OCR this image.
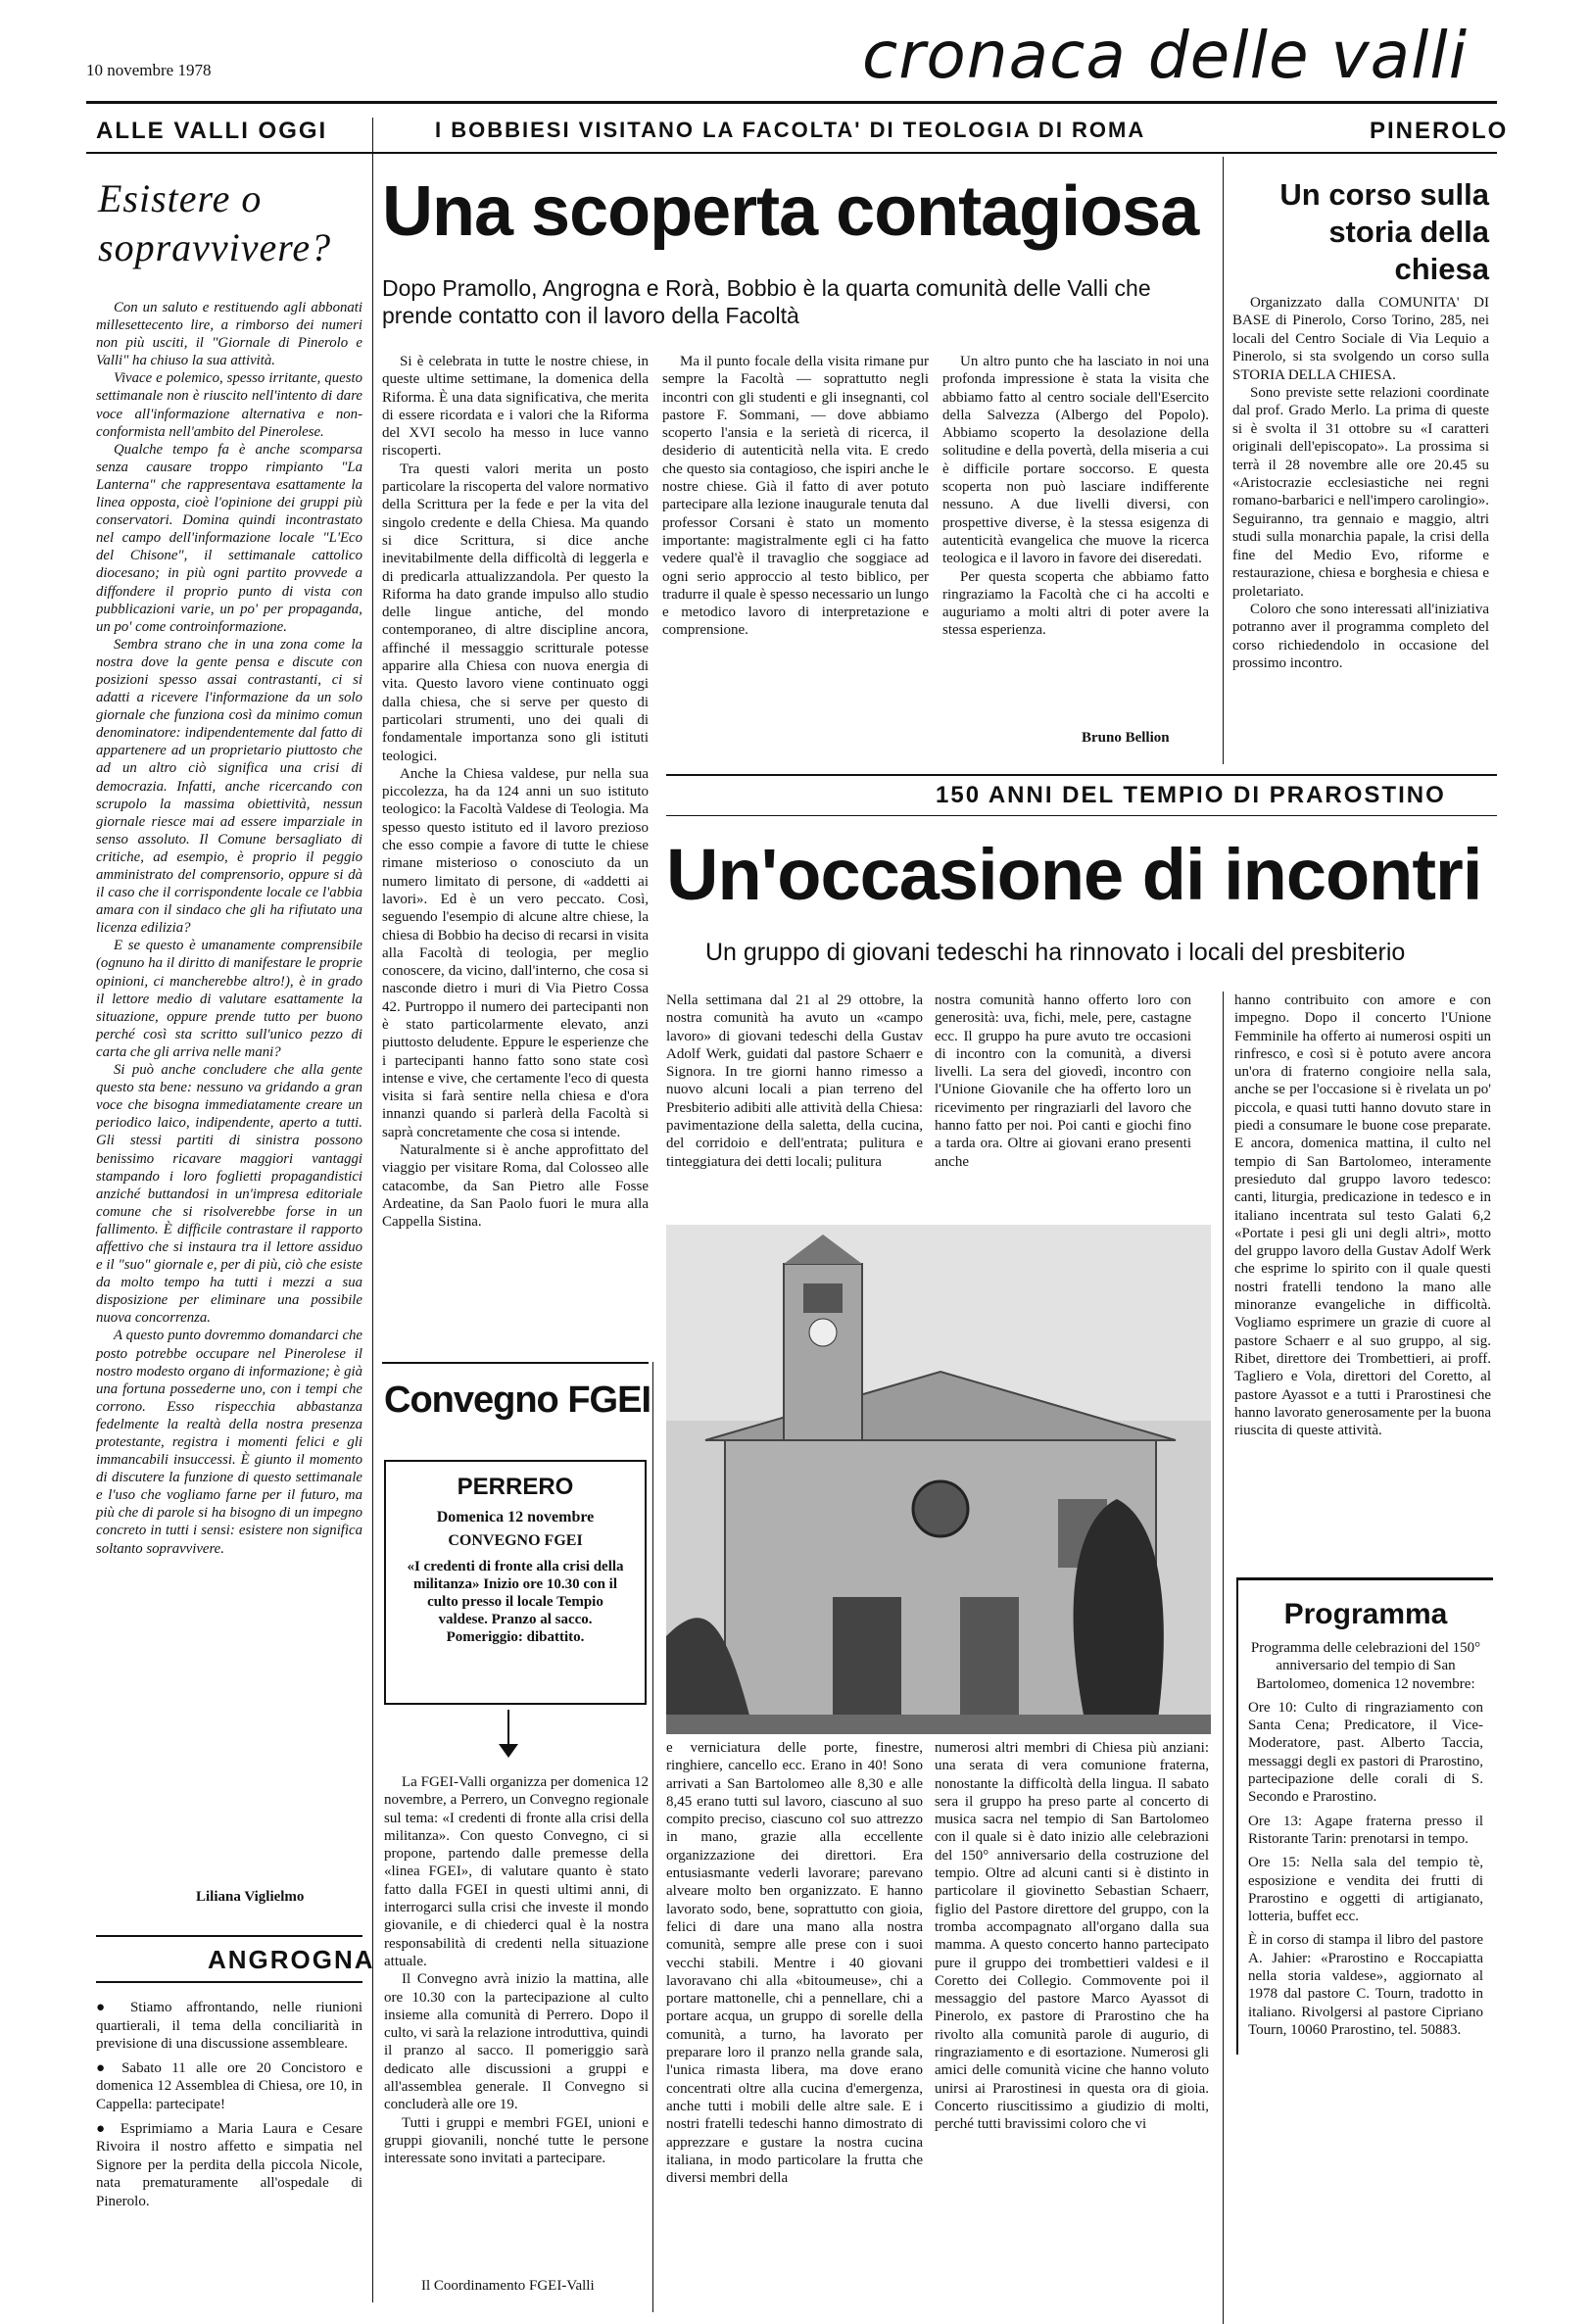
10 novembre 1978	cronaca delle valli
ALLE VALLI OGGI	I BOBBIESI VISITANO LA FACOLTA' DI TEOLOGIA DI ROMA	PINEROLO
Esistere o sopravvivere?

Con un saluto e restituendo agli abbonati millesettecento lire, a rimborso dei numeri non più usciti, il "Giornale di Pinerolo e Valli" ha chiuso la sua attività.

Vivace e polemico, spesso irritante, questo settimanale non è riuscito nell'intento di dare voce all'informazione alternativa e non-conformista nell'ambito del Pinerolese.

Qualche tempo fa è anche scomparsa senza causare troppo rimpianto "La Lanterna" che rappresentava esattamente la linea opposta, cioè l'opinione dei gruppi più conservatori. Domina quindi incontrastato nel campo dell'informazione locale "L'Eco del Chisone", il settimanale cattolico diocesano; in più ogni partito provvede a diffondere il proprio punto di vista con pubblicazioni varie, un po' per propaganda, un po' come controinformazione.

Sembra strano che in una zona come la nostra dove la gente pensa e discute con posizioni spesso assai contrastanti, ci si adatti a ricevere l'informazione da un solo giornale che funziona così da minimo comun denominatore: indipendentemente dal fatto di appartenere ad un proprietario piuttosto che ad un altro ciò significa una crisi di democrazia. Infatti, anche ricercando con scrupolo la massima obiettività, nessun giornale riesce mai ad essere imparziale in senso assoluto. Il Comune bersagliato di critiche, ad esempio, è proprio il peggio amministrato del comprensorio, oppure si dà il caso che il corrispondente locale ce l'abbia amara con il sindaco che gli ha rifiutato una licenza edilizia?

E se questo è umanamente comprensibile (ognuno ha il diritto di manifestare le proprie opinioni, ci mancherebbe altro!), è in grado il lettore medio di valutare esattamente la situazione, oppure prende tutto per buono perché così sta scritto sull'unico pezzo di carta che gli arriva nelle mani?

Si può anche concludere che alla gente questo sta bene: nessuno va gridando a gran voce che bisogna immediatamente creare un periodico laico, indipendente, aperto a tutti. Gli stessi partiti di sinistra possono benissimo ricavare maggiori vantaggi stampando i loro foglietti propagandistici anziché buttandosi in un'impresa editoriale comune che si risolverebbe forse in un fallimento. È difficile contrastare il rapporto affettivo che si instaura tra il lettore assiduo e il "suo" giornale e, per di più, ciò che esiste da molto tempo ha tutti i mezzi a sua disposizione per eliminare una possibile nuova concorrenza.

A questo punto dovremmo domandarci che posto potrebbe occupare nel Pinerolese il nostro modesto organo di informazione; è già una fortuna possederne uno, con i tempi che corrono. Esso rispecchia abbastanza fedelmente la realtà della nostra presenza protestante, registra i momenti felici e gli immancabili insuccessi. È giunto il momento di discutere la funzione di questo settimanale e l'uso che vogliamo farne per il futuro, ma più che di parole si ha bisogno di un impegno concreto in tutti i sensi: esistere non significa soltanto sopravvivere.

Liliana Viglielmo
ANGROGNA

● Stiamo affrontando, nelle riunioni quartierali, il tema della conciliarità in previsione di una discussione assembleare.

● Sabato 11 alle ore 20 Concistoro e domenica 12 Assemblea di Chiesa, ore 10, in Cappella: partecipate!

● Esprimiamo a Maria Laura e Cesare Rivoira il nostro affetto e simpatia nel Signore per la perdita della piccola Nicole, nata prematuramente all'ospedale di Pinerolo.

Una scoperta contagiosa
Dopo Pramollo, Angrogna e Rorà, Bobbio è la quarta comunità delle Valli che prende contatto con il lavoro della Facoltà

Si è celebrata in tutte le nostre chiese, in queste ultime settimane, la domenica della Riforma. È una data significativa, che merita di essere ricordata e i valori che la Riforma del XVI secolo ha messo in luce vanno riscoperti.

Tra questi valori merita un posto particolare la riscoperta del valore normativo della Scrittura per la fede e per la vita del singolo credente e della Chiesa. Ma quando si dice Scrittura, si dice anche inevitabilmente della difficoltà di leggerla e di predicarla attualizzandola. Per questo la Riforma ha dato grande impulso allo studio delle lingue antiche, del mondo contemporaneo, di altre discipline ancora, affinché il messaggio scritturale potesse apparire alla Chiesa con nuova energia di vita. Questo lavoro viene continuato oggi dalla chiesa, che si serve per questo di particolari strumenti, uno dei quali di fondamentale importanza sono gli istituti teologici.

Anche la Chiesa valdese, pur nella sua piccolezza, ha da 124 anni un suo istituto teologico: la Facoltà Valdese di Teologia. Ma spesso questo istituto ed il lavoro prezioso che esso compie a favore di tutte le chiese rimane misterioso o conosciuto da un numero limitato di persone, di «addetti ai lavori». Ed è un vero peccato. Così, seguendo l'esempio di alcune altre chiese, la chiesa di Bobbio ha deciso di recarsi in visita alla Facoltà di teologia, per meglio conoscere, da vicino, dall'interno, che cosa si nasconde dietro i muri di Via Pietro Cossa 42. Purtroppo il numero dei partecipanti non è stato particolarmente elevato, anzi piuttosto deludente. Eppure le esperienze che i partecipanti hanno fatto sono state così intense e vive, che certamente l'eco di questa visita si farà sentire nella chiesa e d'ora innanzi quando si parlerà della Facoltà si saprà concretamente che cosa si intende.

Naturalmente si è anche approfittato del viaggio per visitare Roma, dal Colosseo alle catacombe, da San Pietro alle Fosse Ardeatine, da San Paolo fuori le mura alla Cappella Sistina.

Ma il punto focale della visita rimane pur sempre la Facoltà — soprattutto negli incontri con gli studenti e gli insegnanti, col pastore F. Sommani, — dove abbiamo scoperto l'ansia e la serietà di ricerca, il desiderio di autenticità nella vita. E credo che questo sia contagioso, che ispiri anche le nostre chiese. Già il fatto di aver potuto partecipare alla lezione inaugurale tenuta dal professor Corsani è stato un momento importante: magistralmente egli ci ha fatto vedere qual'è il travaglio che soggiace ad ogni serio approccio al testo biblico, per tradurre il quale è spesso necessario un lungo e metodico lavoro di interpretazione e comprensione.

Un altro punto che ha lasciato in noi una profonda impressione è stata la visita che abbiamo fatto al centro sociale dell'Esercito della Salvezza (Albergo del Popolo). Abbiamo scoperto la desolazione della solitudine e della povertà, della miseria a cui è difficile portare soccorso. E questa scoperta non può lasciare indifferente nessuno. A due livelli diversi, con prospettive diverse, è la stessa esigenza di autenticità evangelica che muove la ricerca teologica e il lavoro in favore dei diseredati.

Per questa scoperta che abbiamo fatto ringraziamo la Facoltà che ci ha accolti e auguriamo a molti altri di poter avere la stessa esperienza.

Bruno Bellion
Un corso sulla storia della chiesa

Organizzato dalla COMUNITA' DI BASE di Pinerolo, Corso Torino, 285, nei locali del Centro Sociale di Via Lequio a Pinerolo, si sta svolgendo un corso sulla STORIA DELLA CHIESA.

Sono previste sette relazioni coordinate dal prof. Grado Merlo. La prima di queste si è svolta il 31 ottobre su «I caratteri originali dell'episcopato». La prossima si terrà il 28 novembre alle ore 20.45 su «Aristocrazie ecclesiastiche nei regni romano-barbarici e nell'impero carolingio». Seguiranno, tra gennaio e maggio, altri studi sulla monarchia papale, la crisi della fine del Medio Evo, riforme e restaurazione, chiesa e borghesia e chiesa e proletariato.

Coloro che sono interessati all'iniziativa potranno aver il programma completo del corso richiedendolo in occasione del prossimo incontro.

150 ANNI DEL TEMPIO DI PRAROSTINO
Un'occasione di incontri
Un gruppo di giovani tedeschi ha rinnovato i locali del presbiterio
Nella settimana dal 21 al 29 ottobre, la nostra comunità ha avuto un «campo lavoro» di giovani tedeschi della Gustav Adolf Werk, guidati dal pastore Schaerr e Signora. In tre giorni hanno rimesso a nuovo alcuni locali a pian terreno del Presbiterio adibiti alle attività della Chiesa: pavimentazione della saletta, della cucina, del corridoio e dell'entrata; pulitura e tinteggiatura dei detti locali; pulitura
nostra comunità hanno offerto loro con generosità: uva, fichi, mele, pere, castagne ecc. Il gruppo ha pure avuto tre occasioni di incontro con la comunità, a diversi livelli. La sera del giovedì, incontro con l'Unione Giovanile che ha offerto loro un ricevimento per ringraziarli del lavoro che hanno fatto per noi. Poi canti e giochi fino a tarda ora. Oltre ai giovani erano presenti anche
hanno contribuito con amore e con impegno. Dopo il concerto l'Unione Femminile ha offerto ai numerosi ospiti un rinfresco, e così si è potuto avere ancora un'ora di fraterno congioire nella sala, anche se per l'occasione si è rivelata un po' piccola, e quasi tutti hanno dovuto stare in piedi a consumare le buone cose preparate. E ancora, domenica mattina, il culto nel tempio di San Bartolomeo, interamente presieduto dal gruppo lavoro tedesco: canti, liturgia, predicazione in tedesco e in italiano incentrata sul testo Galati 6,2 «Portate i pesi gli uni degli altri», motto del gruppo lavoro della Gustav Adolf Werk che esprime lo spirito con il quale questi nostri fratelli tendono la mano alle minoranze evangeliche in difficoltà. Vogliamo esprimere un grazie di cuore al pastore Schaerr e al suo gruppo, al sig. Ribet, direttore dei Trombettieri, ai proff. Tagliero e Vola, direttori del Coretto, al pastore Ayassot e a tutti i Prarostinesi che hanno lavorato generosamente per la buona riuscita di queste attività.
e verniciatura delle porte, finestre, ringhiere, cancello ecc. Erano in 40! Sono arrivati a San Bartolomeo alle 8,30 e alle 8,45 erano tutti sul lavoro, ciascuno al suo compito preciso, ciascuno col suo attrezzo in mano, grazie alla eccellente organizzazione dei direttori. Era entusiasmante vederli lavorare; parevano alveare molto ben organizzato. E hanno lavorato sodo, bene, soprattutto con gioia, felici di dare una mano alla nostra comunità, sempre alle prese con i suoi vecchi stabili. Mentre i 40 giovani lavoravano chi alla «bitoumeuse», chi a portare mattonelle, chi a pennellare, chi a portare acqua, un gruppo di sorelle della comunità, a turno, ha lavorato per preparare loro il pranzo nella grande sala, l'unica rimasta libera, ma dove erano concentrati oltre alla cucina d'emergenza, anche tutti i mobili delle altre sale. E i nostri fratelli tedeschi hanno dimostrato di apprezzare e gustare la nostra cucina italiana, in modo particolare la frutta che diversi membri della
numerosi altri membri di Chiesa più anziani: una serata di vera comunione fraterna, nonostante la difficoltà della lingua. Il sabato sera il gruppo ha preso parte al concerto di musica sacra nel tempio di San Bartolomeo con il quale si è dato inizio alle celebrazioni del 150° anniversario della costruzione del tempio. Oltre ad alcuni canti si è distinto in particolare il giovinetto Sebastian Schaerr, figlio del Pastore direttore del gruppo, con la tromba accompagnato all'organo dalla sua mamma. A questo concerto hanno partecipato pure il gruppo dei trombettieri valdesi e il Coretto dei Collegio. Commovente poi il messaggio del pastore Marco Ayassot di Pinerolo, ex pastore di Prarostino che ha rivolto alla comunità parole di augurio, di ringraziamento e di esortazione. Numerosi gli amici delle comunità vicine che hanno voluto unirsi ai Prarostinesi in questa ora di gioia. Concerto riuscitissimo a giudizio di molti, perché tutti bravissimi coloro che vi
Convegno FGEI
PERRERO
Domenica 12 novembre
CONVEGNO FGEI
«I credenti di fronte alla crisi della militanza» Inizio ore 10.30 con il culto presso il locale Tempio valdese. Pranzo al sacco. Pomeriggio: dibattito.

La FGEI-Valli organizza per domenica 12 novembre, a Perrero, un Convegno regionale sul tema: «I credenti di fronte alla crisi della militanza». Con questo Convegno, ci si propone, partendo dalle premesse della «linea FGEI», di valutare quanto è stato fatto dalla FGEI in questi ultimi anni, di interrogarci sulla crisi che investe il mondo giovanile, e di chiederci qual è la nostra responsabilità di credenti nella situazione attuale.

Il Convegno avrà inizio la mattina, alle ore 10.30 con la partecipazione al culto insieme alla comunità di Perrero. Dopo il culto, vi sarà la relazione introduttiva, quindi il pranzo al sacco. Il pomeriggio sarà dedicato alle discussioni a gruppi e all'assemblea generale. Il Convegno si concluderà alle ore 19.

Tutti i gruppi e membri FGEI, unioni e gruppi giovanili, nonché tutte le persone interessate sono invitati a partecipare.

Il Coordinamento FGEI-Valli
Programma
Programma delle celebrazioni del 150° anniversario del tempio di San Bartolomeo, domenica 12 novembre:

Ore 10: Culto di ringraziamento con Santa Cena; Predicatore, il Vice-Moderatore, past. Alberto Taccia, messaggi degli ex pastori di Prarostino, partecipazione delle corali di S. Secondo e Prarostino.

Ore 13: Agape fraterna presso il Ristorante Tarin: prenotarsi in tempo.

Ore 15: Nella sala del tempio tè, esposizione e vendita dei frutti di Prarostino e oggetti di artigianato, lotteria, buffet ecc.

È in corso di stampa il libro del pastore A. Jahier: «Prarostino e Roccapiatta nella storia valdese», aggiornato al 1978 dal pastore C. Tourn, tradotto in italiano. Rivolgersi al pastore Cipriano Tourn, 10060 Prarostino, tel. 50883.
